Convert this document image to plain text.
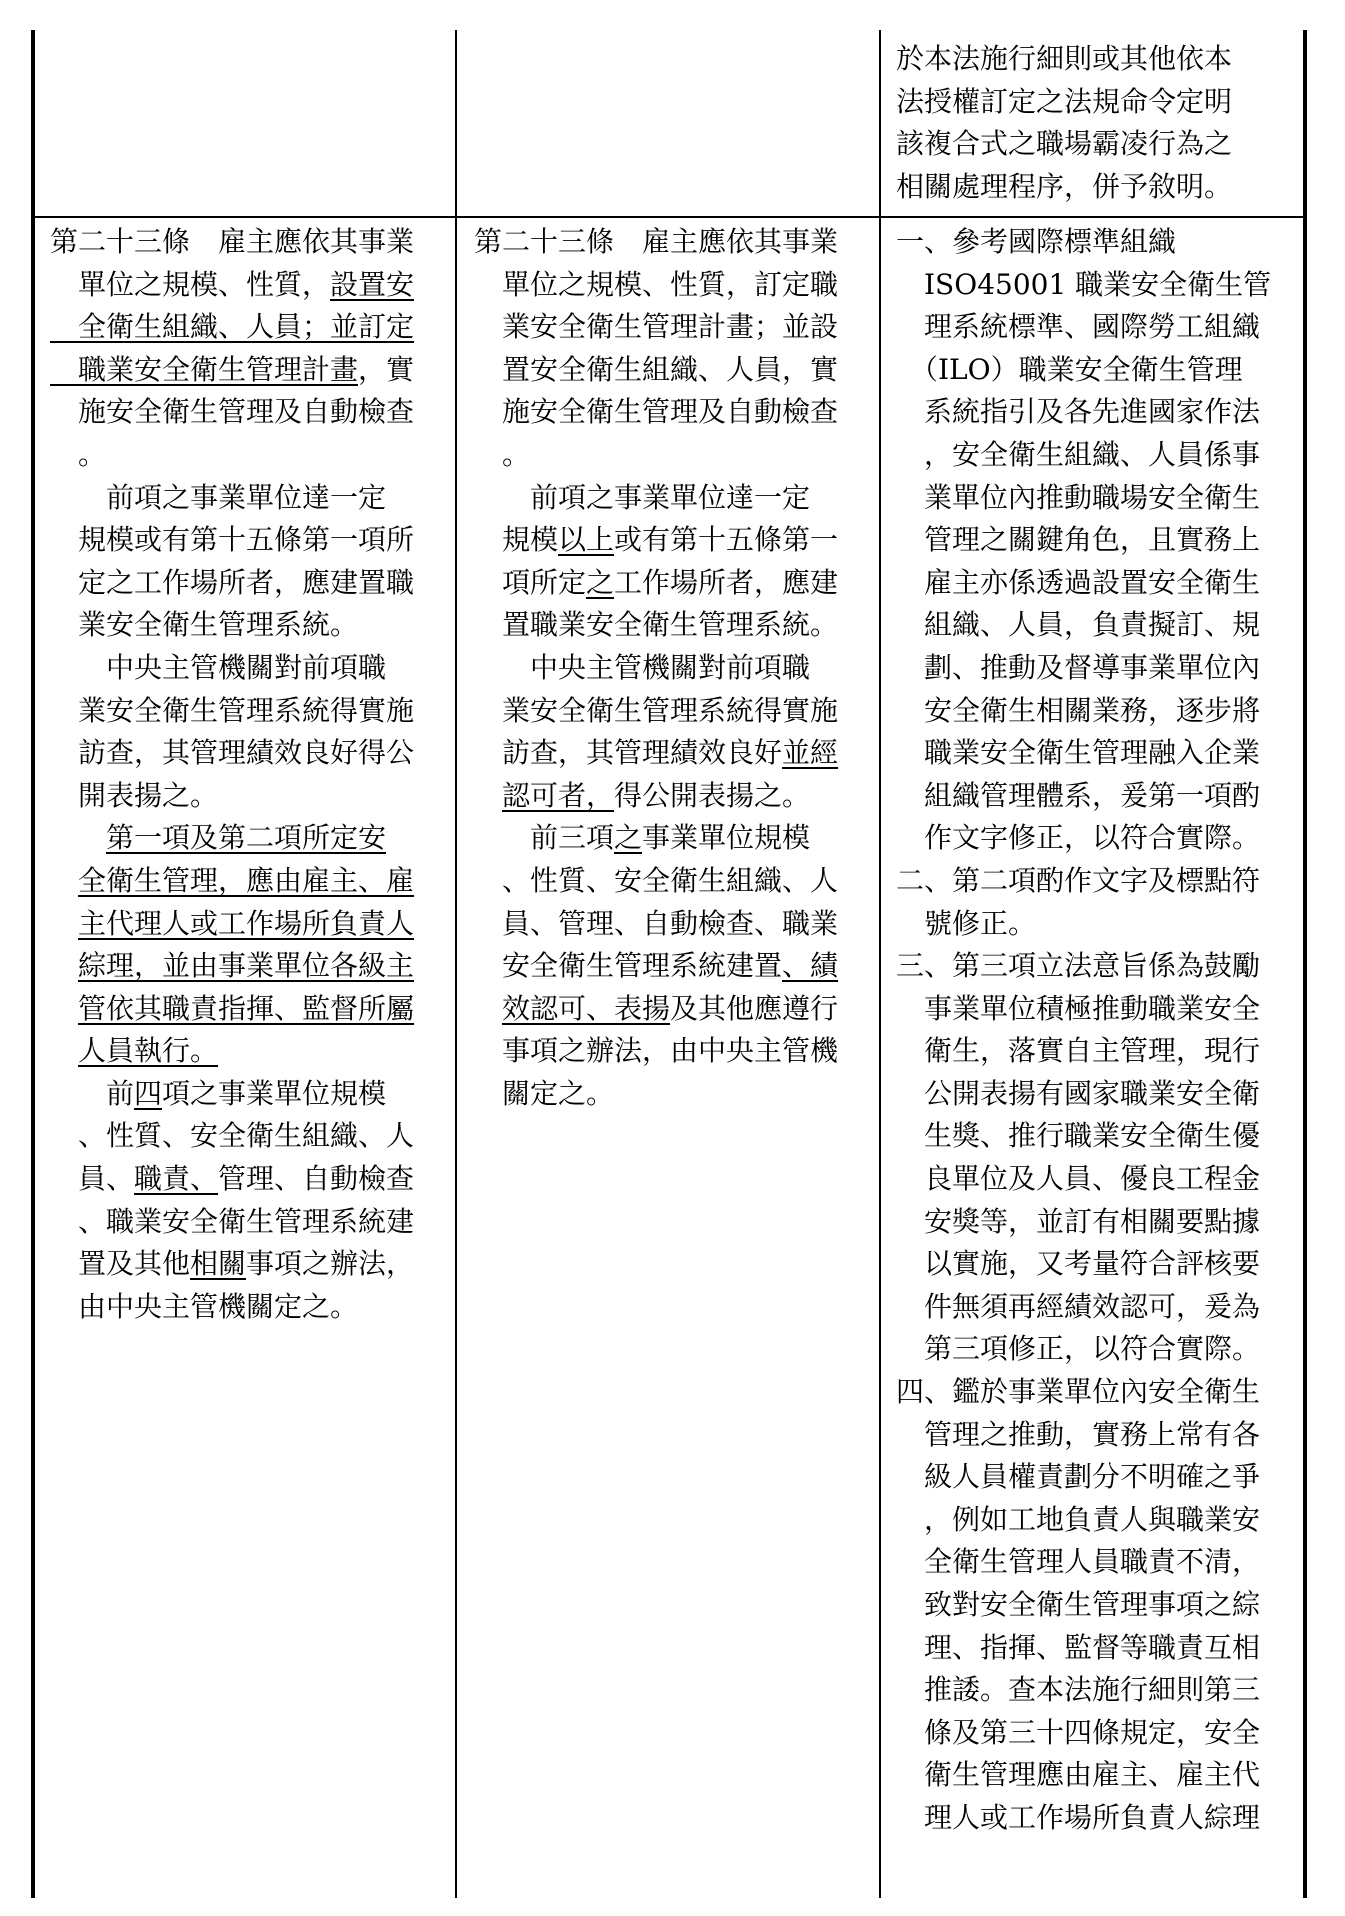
於本法施行細則或其他依本
法授權訂定之法規命令定明
該複合式之職場霸凌行為之
相關處理程序，併予敘明。
第二十三條　雇主應依其事業
　單位之規模、性質，設置安
　全衛生組織、人員；並訂定
　職業安全衛生管理計畫，實
　施安全衛生管理及自動檢查
　。
　　前項之事業單位達一定
　規模或有第十五條第一項所
　定之工作場所者，應建置職
　業安全衛生管理系統。
　　中央主管機關對前項職
　業安全衛生管理系統得實施
　訪查，其管理績效良好得公
　開表揚之。
　　第一項及第二項所定安
　全衛生管理，應由雇主、雇
　主代理人或工作場所負責人
　綜理，並由事業單位各級主
　管依其職責指揮、監督所屬
　人員執行。
　　前四項之事業單位規模
　、性質、安全衛生組織、人
　員、職責、管理、自動檢查
　、職業安全衛生管理系統建
　置及其他相關事項之辦法，
　由中央主管機關定之。
第二十三條　雇主應依其事業
　單位之規模、性質，訂定職
　業安全衛生管理計畫；並設
　置安全衛生組織、人員，實
　施安全衛生管理及自動檢查
　。
　　前項之事業單位達一定
　規模以上或有第十五條第一
　項所定之工作場所者，應建
　置職業安全衛生管理系統。
　　中央主管機關對前項職
　業安全衛生管理系統得實施
　訪查，其管理績效良好並經
　認可者，得公開表揚之。
　　前三項之事業單位規模
　、性質、安全衛生組織、人
　員、管理、自動檢查、職業
　安全衛生管理系統建置、績
　效認可、表揚及其他應遵行
　事項之辦法，由中央主管機
　關定之。
一、參考國際標準組織
　ISO45001 職業安全衛生管
　理系統標準、國際勞工組織
　（ILO）職業安全衛生管理
　系統指引及各先進國家作法
　，安全衛生組織、人員係事
　業單位內推動職場安全衛生
　管理之關鍵角色，且實務上
　雇主亦係透過設置安全衛生
　組織、人員，負責擬訂、規
　劃、推動及督導事業單位內
　安全衛生相關業務，逐步將
　職業安全衛生管理融入企業
　組織管理體系，爰第一項酌
　作文字修正，以符合實際。
二、第二項酌作文字及標點符
　號修正。
三、第三項立法意旨係為鼓勵
　事業單位積極推動職業安全
　衛生，落實自主管理，現行
　公開表揚有國家職業安全衛
　生獎、推行職業安全衛生優
　良單位及人員、優良工程金
　安獎等，並訂有相關要點據
　以實施，又考量符合評核要
　件無須再經績效認可，爰為
　第三項修正，以符合實際。
四、鑑於事業單位內安全衛生
　管理之推動，實務上常有各
　級人員權責劃分不明確之爭
　，例如工地負責人與職業安
　全衛生管理人員職責不清，
　致對安全衛生管理事項之綜
　理、指揮、監督等職責互相
　推諉。查本法施行細則第三
　條及第三十四條規定，安全
　衛生管理應由雇主、雇主代
　理人或工作場所負責人綜理
